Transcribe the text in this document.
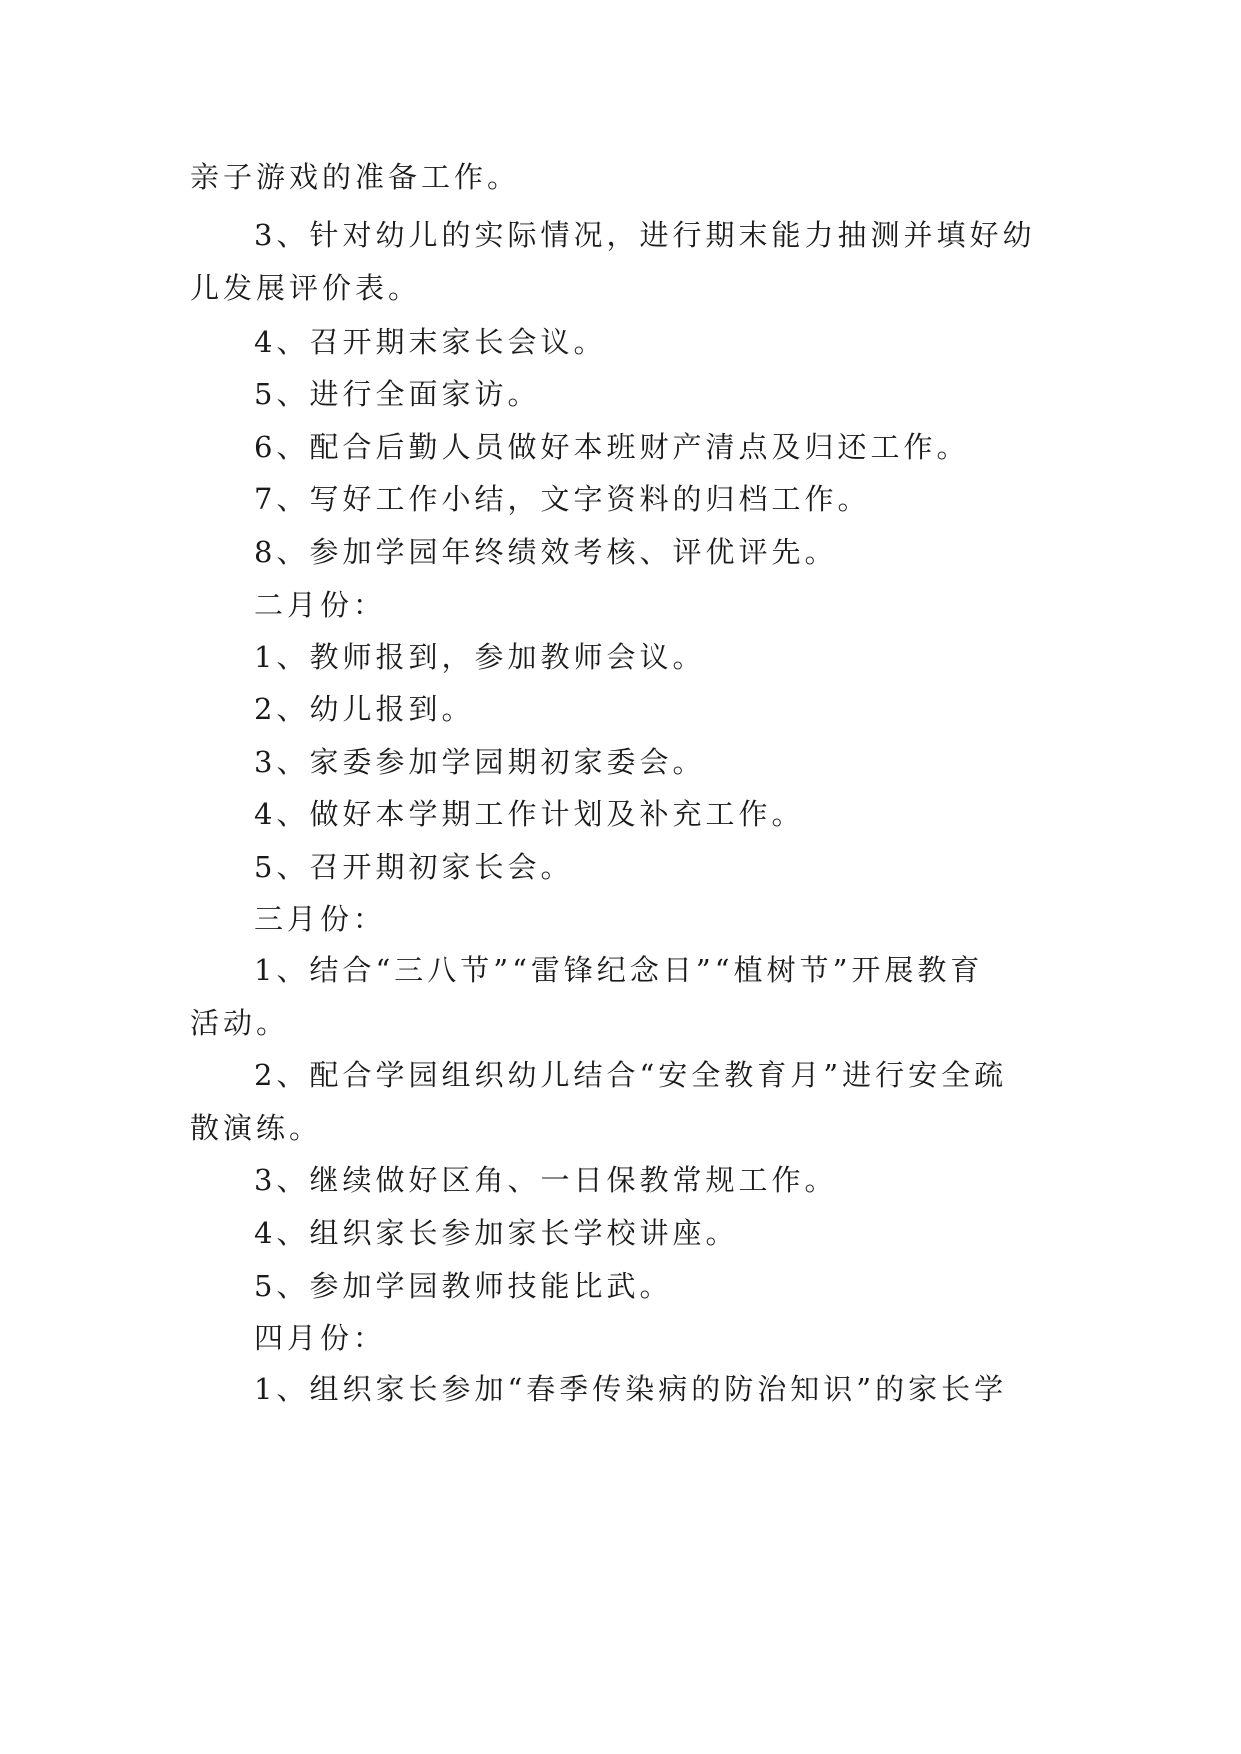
亲子游戏的准备工作。
3、针对幼儿的实际情况，进行期末能力抽测并填好幼
儿发展评价表。
4、召开期末家长会议。
5、进行全面家访。
6、配合后勤人员做好本班财产清点及归还工作。
7、写好工作小结，文字资料的归档工作。
8、参加学园年终绩效考核、评优评先。
二月份：
1、教师报到，参加教师会议。
2、幼儿报到。
3、家委参加学园期初家委会。
4、做好本学期工作计划及补充工作。
5、召开期初家长会。
三月份：
1、结合“三八节”“雷锋纪念日”“植树节”开展教育
活动。
2、配合学园组织幼儿结合“安全教育月”进行安全疏
散演练。
3、继续做好区角、一日保教常规工作。
4、组织家长参加家长学校讲座。
5、参加学园教师技能比武。
四月份：
1、组织家长参加“春季传染病的防治知识”的家长学
